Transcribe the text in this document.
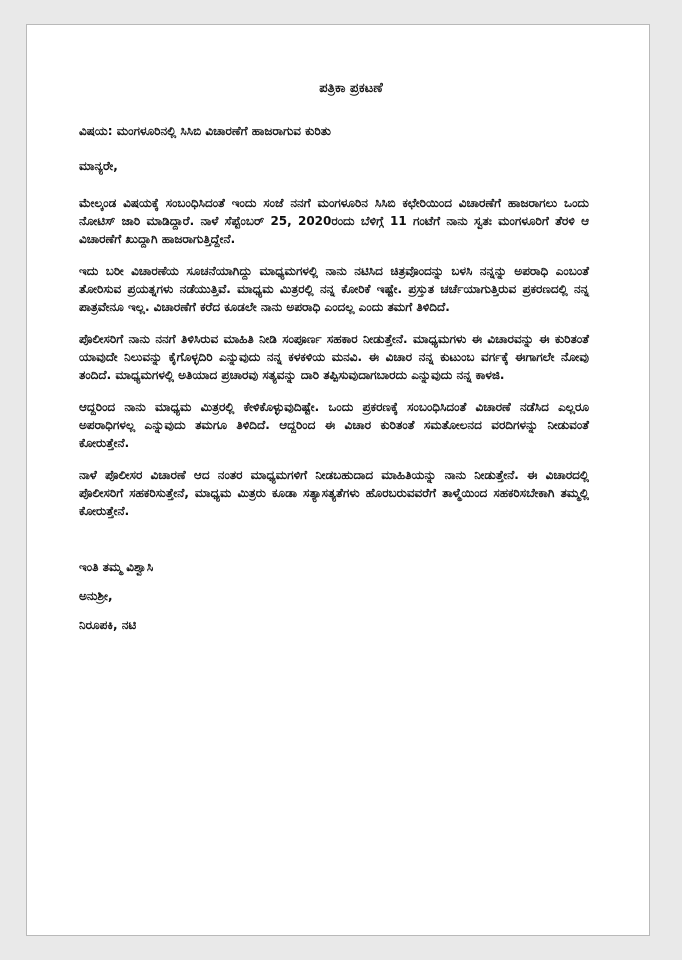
ಪತ್ರಿಕಾ ಪ್ರಕಟಣೆ
ವಿಷಯ: ಮಂಗಳೂರಿನಲ್ಲಿ ಸಿಸಿಬಿ ವಿಚಾರಣೆಗೆ ಹಾಜರಾಗುವ ಕುರಿತು
ಮಾನ್ಯರೇ,

ಮೇಲ್ಕಂಡ ವಿಷಯಕ್ಕೆ ಸಂಬಂಧಿಸಿದಂತೆ ಇಂದು ಸಂಜೆ ನನಗೆ ಮಂಗಳೂರಿನ ಸಿಸಿಬಿ ಕಛೇರಿಯಿಂದ ವಿಚಾರಣೆಗೆ ಹಾಜರಾಗಲು ಒಂದು ನೋಟಿಸ್ ಜಾರಿ ಮಾಡಿದ್ದಾರೆ. ನಾಳೆ ಸೆಪ್ಟೆಂಬರ್ 25, 2020ರಂದು ಬೆಳಿಗ್ಗೆ 11 ಗಂಟೆಗೆ ನಾನು ಸ್ವತಃ ಮಂಗಳೂರಿಗೆ ತೆರಳಿ ಆ ವಿಚಾರಣೆಗೆ ಖುದ್ದಾಗಿ ಹಾಜರಾಗುತ್ತಿದ್ದೇನೆ.

ಇದು ಬರೀ ವಿಚಾರಣೆಯ ಸೂಚನೆಯಾಗಿದ್ದು ಮಾಧ್ಯಮಗಳಲ್ಲಿ ನಾನು ನಟಿಸಿದ ಚಿತ್ರವೊಂದನ್ನು ಬಳಸಿ ನನ್ನನ್ನು ಅಪರಾಧಿ ಎಂಬಂತೆ ತೋರಿಸುವ ಪ್ರಯತ್ನಗಳು ನಡೆಯುತ್ತಿವೆ. ಮಾಧ್ಯಮ ಮಿತ್ರರಲ್ಲಿ ನನ್ನ ಕೋರಿಕೆ ಇಷ್ಟೇ. ಪ್ರಸ್ತುತ ಚರ್ಚೆಯಾಗುತ್ತಿರುವ ಪ್ರಕರಣದಲ್ಲಿ ನನ್ನ ಪಾತ್ರವೇನೂ ಇಲ್ಲ. ವಿಚಾರಣೆಗೆ ಕರೆದ ಕೂಡಲೇ ನಾನು ಅಪರಾಧಿ ಎಂದಲ್ಲ ಎಂದು ತಮಗೆ ತಿಳಿದಿದೆ.

ಪೊಲೀಸರಿಗೆ ನಾನು ನನಗೆ ತಿಳಿಸಿರುವ ಮಾಹಿತಿ ನೀಡಿ ಸಂಪೂರ್ಣ ಸಹಕಾರ ನೀಡುತ್ತೇನೆ. ಮಾಧ್ಯಮಗಳು ಈ ವಿಚಾರವನ್ನು ಈ ಕುರಿತಂತೆ ಯಾವುದೇ ನಿಲುವನ್ನು ಕೈಗೊಳ್ಳದಿರಿ ಎನ್ನುವುದು ನನ್ನ ಕಳಕಳಿಯ ಮನವಿ. ಈ ವಿಚಾರ ನನ್ನ ಕುಟುಂಬ ವರ್ಗಕ್ಕೆ ಈಗಾಗಲೇ ನೋವು ತಂದಿದೆ. ಮಾಧ್ಯಮಗಳಲ್ಲಿ ಅತಿಯಾದ ಪ್ರಚಾರವು ಸತ್ಯವನ್ನು ದಾರಿ ತಪ್ಪಿಸುವುದಾಗಬಾರದು ಎನ್ನುವುದು ನನ್ನ ಕಾಳಜಿ.

ಆದ್ದರಿಂದ ನಾನು ಮಾಧ್ಯಮ ಮಿತ್ರರಲ್ಲಿ ಕೇಳಿಕೊಳ್ಳುವುದಿಷ್ಟೇ. ಒಂದು ಪ್ರಕರಣಕ್ಕೆ ಸಂಬಂಧಿಸಿದಂತೆ ವಿಚಾರಣೆ ನಡೆಸಿದ ಎಲ್ಲರೂ ಅಪರಾಧಿಗಳಲ್ಲ ಎನ್ನುವುದು ತಮಗೂ ತಿಳಿದಿದೆ. ಆದ್ದರಿಂದ ಈ ವಿಚಾರ ಕುರಿತಂತೆ ಸಮತೋಲನದ ವರದಿಗಳನ್ನು ನೀಡುವಂತೆ ಕೋರುತ್ತೇನೆ.

ನಾಳೆ ಪೊಲೀಸರ ವಿಚಾರಣೆ ಆದ ನಂತರ ಮಾಧ್ಯಮಗಳಿಗೆ ನೀಡಬಹುದಾದ ಮಾಹಿತಿಯನ್ನು ನಾನು ನೀಡುತ್ತೇನೆ. ಈ ವಿಚಾರದಲ್ಲಿ ಪೊಲೀಸರಿಗೆ ಸಹಕರಿಸುತ್ತೇನೆ, ಮಾಧ್ಯಮ ಮಿತ್ರರು ಕೂಡಾ ಸತ್ಯಾಸತ್ಯತೆಗಳು ಹೊರಬರುವವರೆಗೆ ತಾಳ್ಮೆಯಿಂದ ಸಹಕರಿಸಬೇಕಾಗಿ ತಮ್ಮಲ್ಲಿ ಕೋರುತ್ತೇನೆ.

ಇಂತಿ ತಮ್ಮ ವಿಶ್ವಾಸಿ
ಅನುಶ್ರೀ,
ನಿರೂಪಕಿ, ನಟಿ
